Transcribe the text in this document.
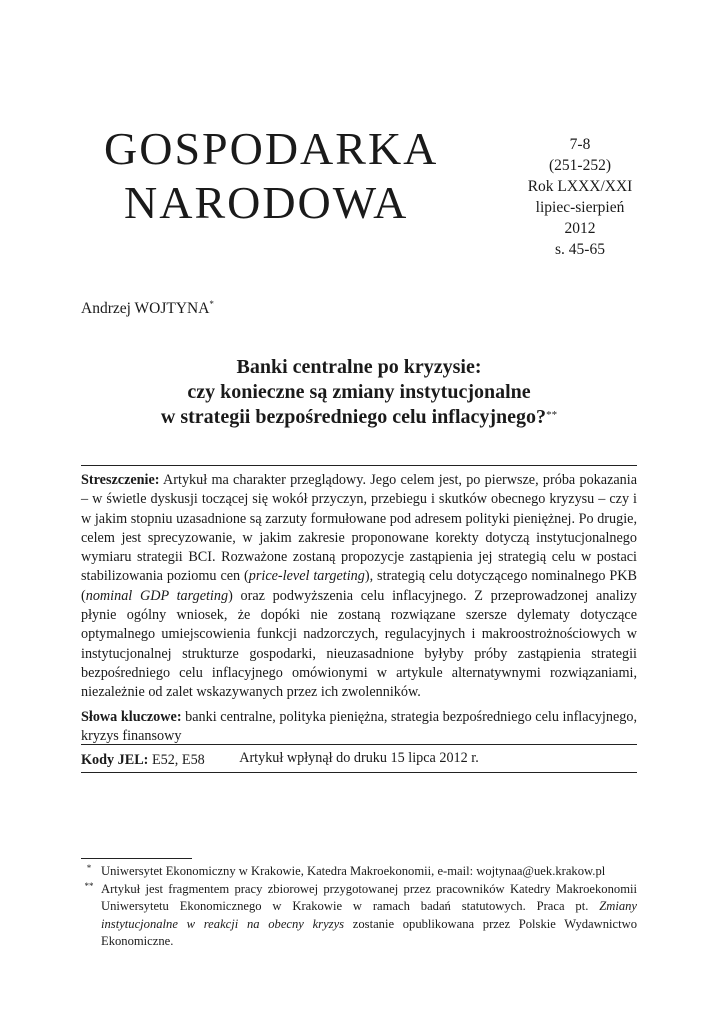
GOSPODARKA
NARODOWA
7-8
(251-252)
Rok LXXX/XXI
lipiec-sierpień
2012
s. 45-65
Andrzej WOJTYNA*
Banki centralne po kryzysie:
czy konieczne są zmiany instytucjonalne
w strategii bezpośredniego celu inflacyjnego?**

Streszczenie: Artykuł ma charakter przeglądowy. Jego celem jest, po pierwsze, próba pokazania – w świetle dyskusji toczącej się wokół przyczyn, przebiegu i skutków obecnego kryzysu – czy i w jakim stopniu uzasadnione są zarzuty formułowane pod adresem polityki pieniężnej. Po drugie, celem jest sprecyzowanie, w jakim zakresie proponowane korekty dotyczą instytucjonalnego wymiaru strategii BCI. Rozważone zostaną propozycje zastąpienia jej strategią celu w postaci stabilizowania poziomu cen (price-level targeting), strategią celu dotyczącego nominalnego PKB (nominal GDP targeting) oraz podwyższenia celu inflacyjnego. Z przeprowadzonej analizy płynie ogólny wniosek, że dopóki nie zostaną rozwiązane szersze dylematy dotyczące optymalnego umiejscowienia funkcji nadzorczych, regulacyjnych i makroostrożnościowych w instytucjonalnej strukturze gospodarki, nieuzasadnione byłyby próby zastąpienia strategii bezpośredniego celu inflacyjnego omówionymi w artykule alternatywnymi rozwiązaniami, niezależnie od zalet wskazywanych przez ich zwolenników.

Słowa kluczowe: banki centralne, polityka pieniężna, strategia bezpośredniego celu inflacyjnego, kryzys finansowy

Kody JEL: E52, E58	Artykuł wpłynął do druku 15 lipca 2012 r.
* Uniwersytet Ekonomiczny w Krakowie, Katedra Makroekonomii, e-mail: wojtynaa@uek.krakow.pl
** Artykuł jest fragmentem pracy zbiorowej przygotowanej przez pracowników Katedry Makroekonomii Uniwersytetu Ekonomicznego w Krakowie w ramach badań statutowych. Praca pt. Zmiany instytucjonalne w reakcji na obecny kryzys zostanie opublikowana przez Polskie Wydawnictwo Ekonomiczne.
